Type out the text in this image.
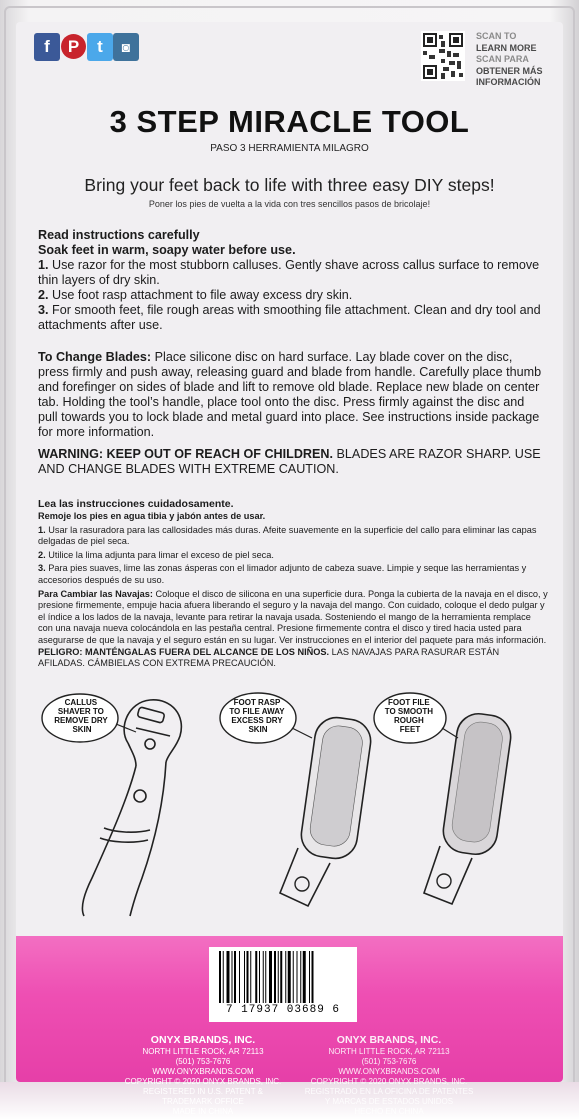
f	P	t	◙
SCAN TO
LEARN MORE
SCAN PARA
OBTENER MÁS
INFORMACIÓN
3 STEP MIRACLE TOOL
PASO 3 HERRAMIENTA MILAGRO
Bring your feet back to life with three easy DIY steps!
Poner los pies de vuelta a la vida con tres sencillos pasos de bricolaje!

Read instructions carefully

Soak feet in warm, soapy water before use.

1. Use razor for the most stubborn calluses. Gently shave across callus surface to remove thin layers of dry skin.

2. Use foot rasp attachment to file away excess dry skin.

3. For smooth feet, file rough areas with smoothing file attachment. Clean and dry tool and attachments after use.

To Change Blades: Place silicone disc on hard surface. Lay blade cover on the disc, press firmly and push away, releasing guard and blade from handle. Carefully place thumb and forefinger on sides of blade and lift to remove old blade. Replace new blade on center tab. Holding the tool’s handle, place tool onto the disc. Press firmly against the disc and pull towards you to lock blade and metal guard into place. See instructions inside package for more information.

WARNING: KEEP OUT OF REACH OF CHILDREN. BLADES ARE RAZOR SHARP. USE AND CHANGE BLADES WITH EXTREME CAUTION.

Lea las instrucciones cuidadosamente.

Remoje los pies en agua tibia y jabón antes de usar.

1. Usar la rasuradora para las callosidades más duras. Afeite suavemente en la superficie del callo para eliminar las capas delgadas de piel seca.

2. Utilice la lima adjunta para limar el exceso de piel seca.

3. Para pies suaves, lime las zonas ásperas con el limador adjunto de cabeza suave. Limpie y seque las herramientas y accesorios después de su uso.

Para Cambiar las Navajas: Coloque el disco de silicona en una superficie dura. Ponga la cubierta de la navaja en el disco, y presione firmemente, empuje hacia afuera liberando el seguro y la navaja del mango. Con cuidado, coloque el dedo pulgar y el índice a los lados de la navaja, levante para retirar la navaja usada. Sosteniendo el mango de la herramienta remplace con una navaja nueva colocándola en las pestaña central. Presione firmemente contra el disco y tired hacia usted para asegurarse de que la navaja y el seguro están en su lugar. Ver instrucciones en el interior del paquete para más información.

PELIGRO: MANTÉNGALAS FUERA DEL ALCANCE DE LOS NIÑOS. LAS NAVAJAS PARA RASURAR ESTÁN AFILADAS. CÁMBIELAS CON EXTREMA PRECAUCIÓN.

CALLUS SHAVER TO REMOVE DRY SKIN
FOOT RASP TO FILE AWAY EXCESS DRY SKIN
FOOT FILE TO SMOOTH ROUGH FEET
7 17937 03689 6
ONYX BRANDS, INC.
NORTH LITTLE ROCK, AR 72113
(501) 753-7676
WWW.ONYXBRANDS.COM
COPYRIGHT © 2020 ONYX BRANDS, INC.
REGISTERED IN U.S. PATENT & TRADEMARK OFFICE
MADE IN CHINA
ONYX BRANDS, INC.
NORTH LITTLE ROCK, AR 72113
(501) 753-7676
WWW.ONYXBRANDS.COM
COPYRIGHT © 2020 ONYX BRANDS, INC.
REGISTRADO EN LA OFICINA DE PATENTES Y MARCAS DE ESTADOS UNIDOS
HECHO EN CHINA
